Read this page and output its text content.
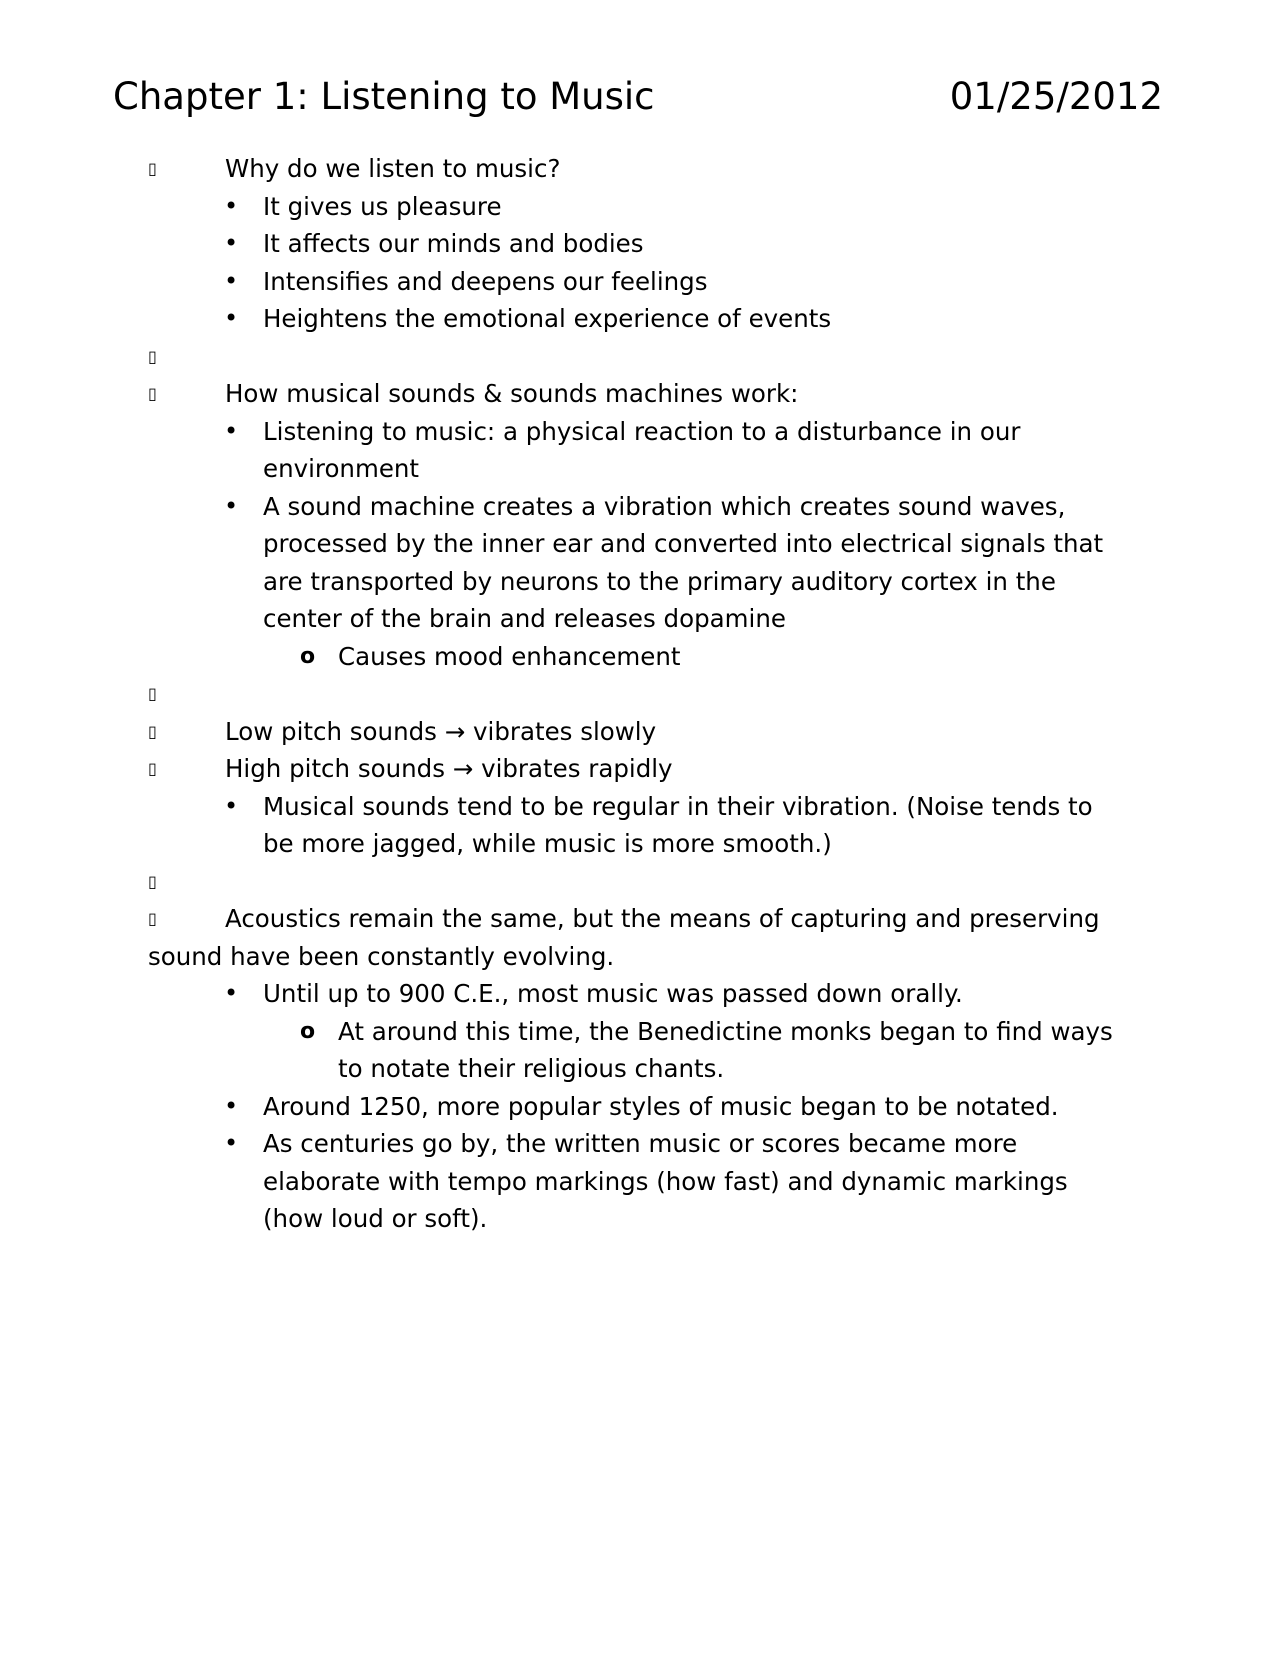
Chapter 1: Listening to Music	01/25/2012
▯	Why do we listen to music?
• It gives us pleasure
• It affects our minds and bodies
• Intensifies and deepens our feelings
• Heightens the emotional experience of events
▯
▯	How musical sounds & sounds machines work:
• Listening to music: a physical reaction to a disturbance in our environment
• A sound machine creates a vibration which creates sound waves, processed by the inner ear and converted into electrical signals that are transported by neurons to the primary auditory cortex in the center of the brain and releases dopamine
o Causes mood enhancement
▯
▯	Low pitch sounds → vibrates slowly
▯	High pitch sounds → vibrates rapidly
• Musical sounds tend to be regular in their vibration. (Noise tends to be more jagged, while music is more smooth.)
▯
▯	Acoustics remain the same, but the means of capturing and preserving sound have been constantly evolving.
• Until up to 900 C.E., most music was passed down orally.
o At around this time, the Benedictine monks began to find ways to notate their religious chants.
• Around 1250, more popular styles of music began to be notated.
• As centuries go by, the written music or scores became more elaborate with tempo markings (how fast) and dynamic markings (how loud or soft).
